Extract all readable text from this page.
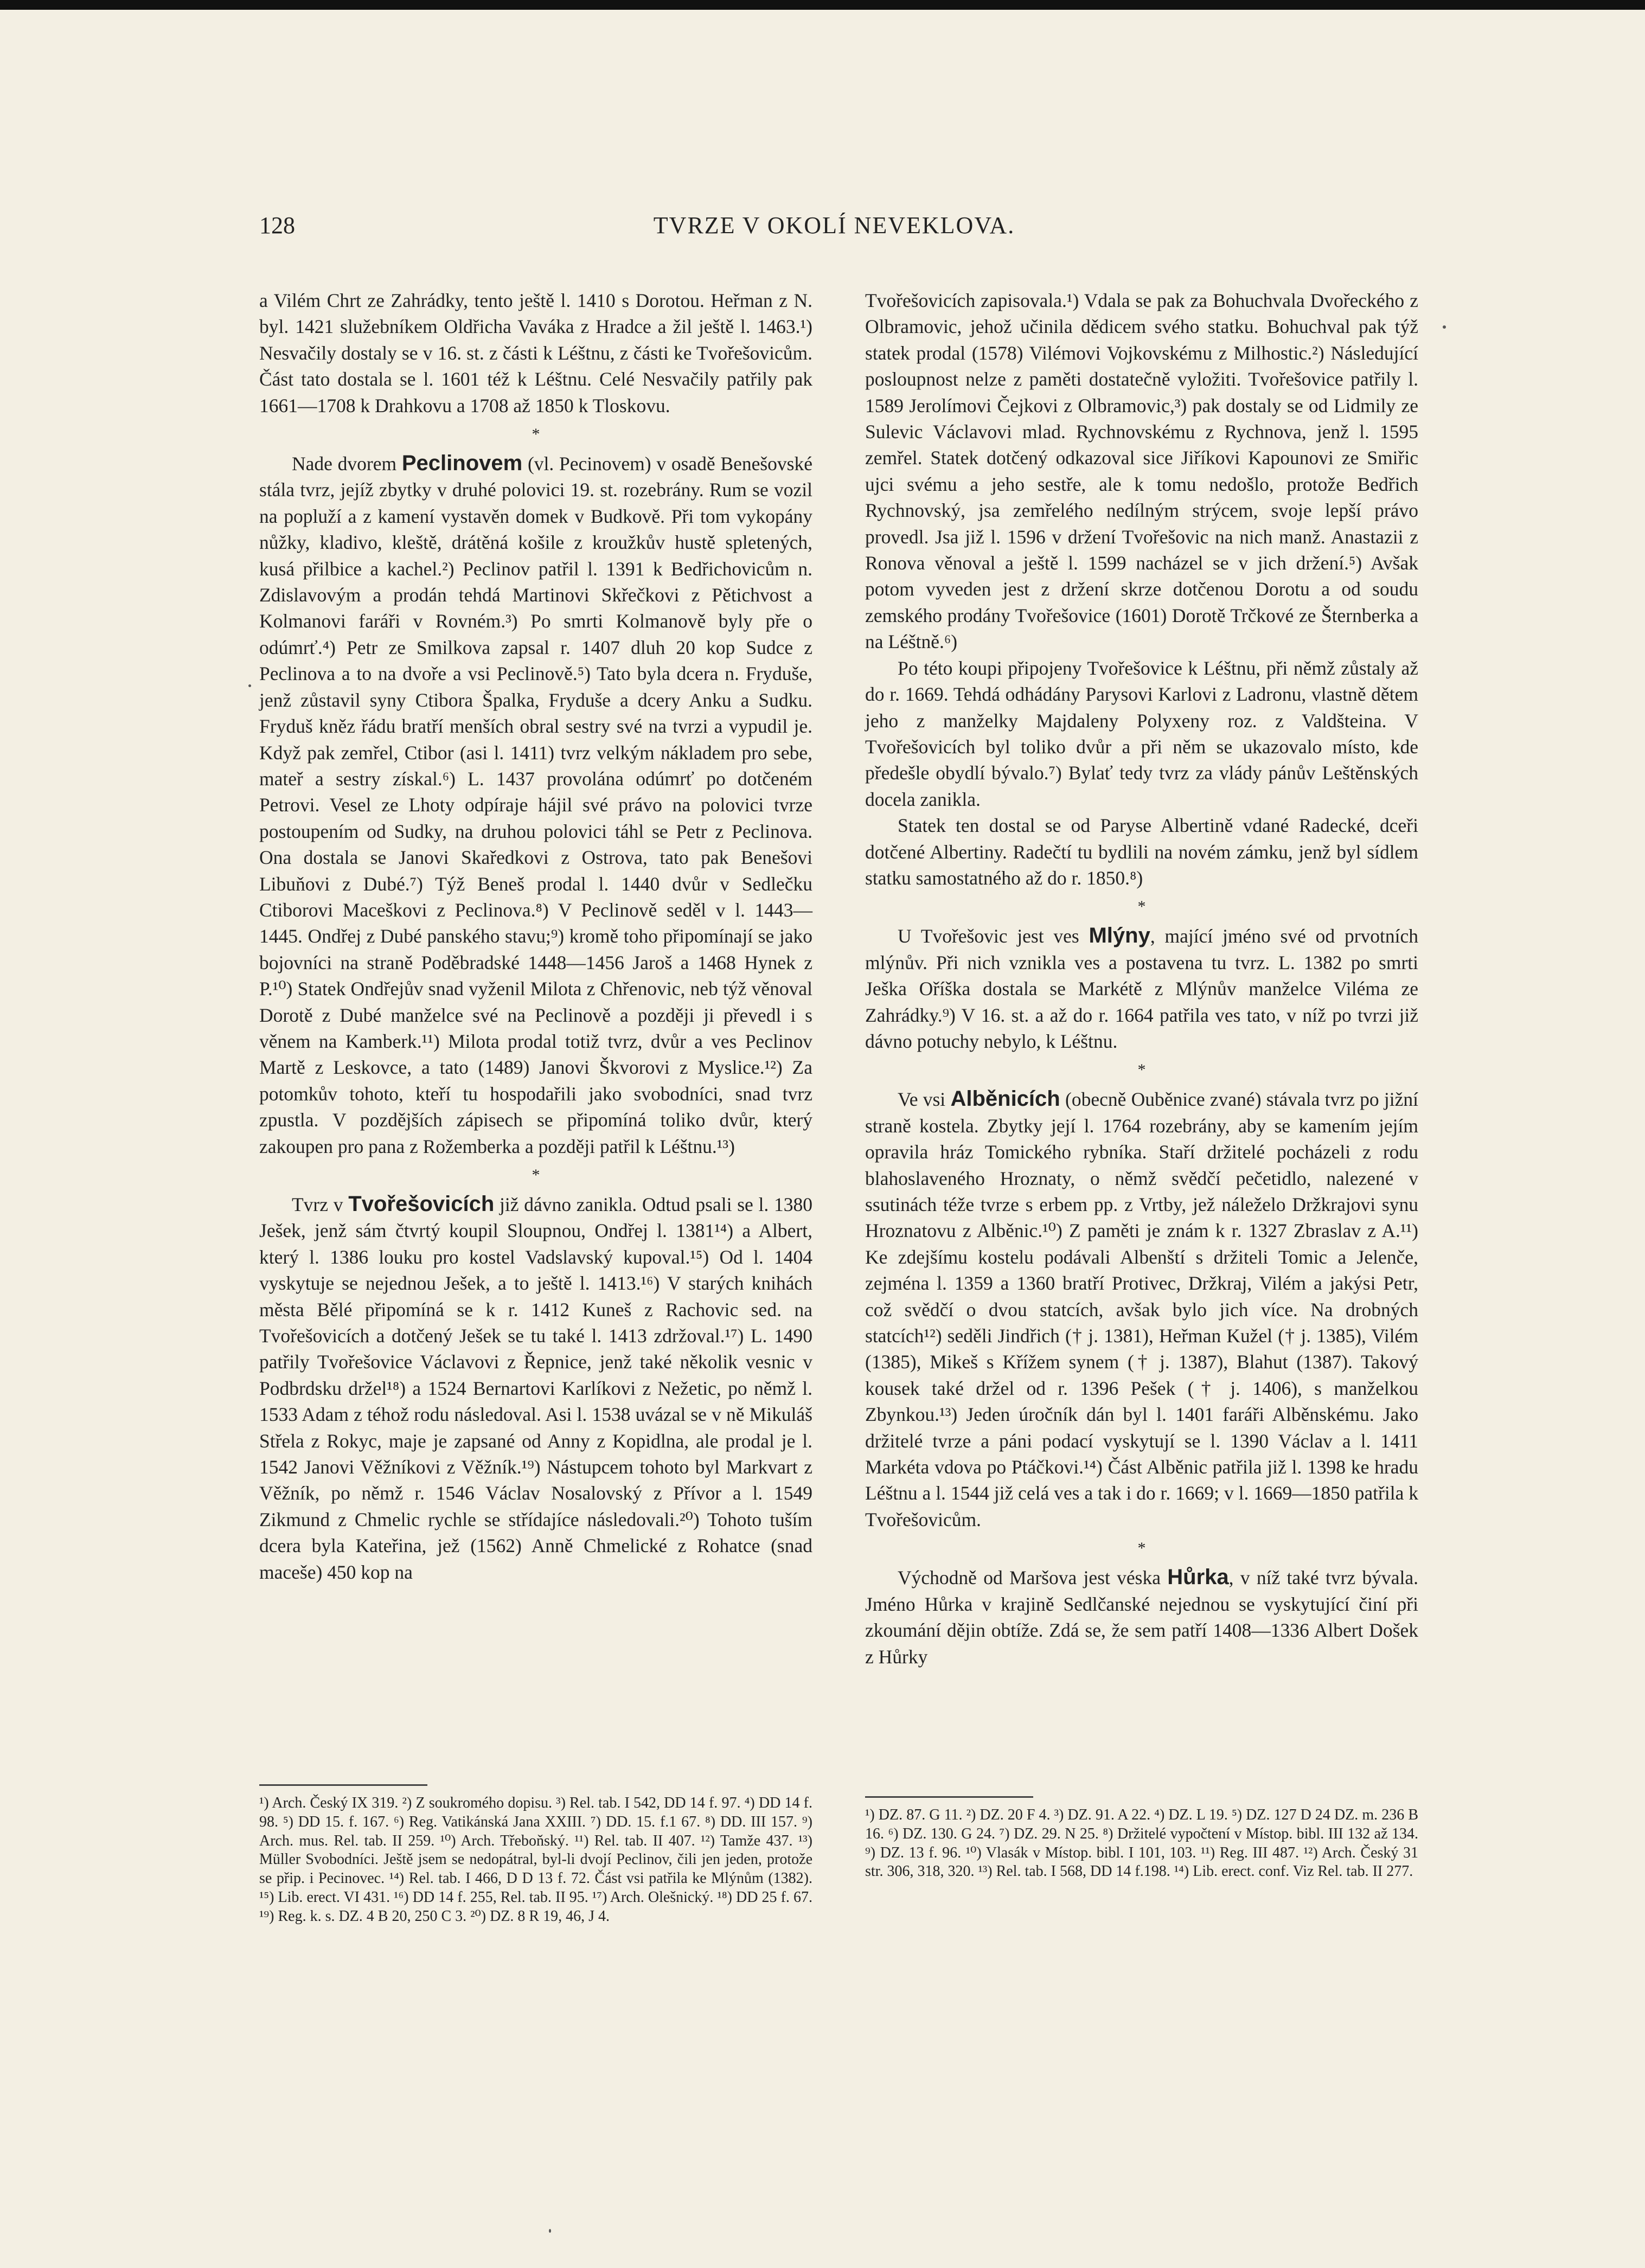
128	TVRZE V OKOLÍ NEVEKLOVA.

a Vilém Chrt ze Zahrádky, tento ještě l. 1410 s Dorotou. Heřman z N. byl. 1421 služebníkem Oldřicha Vaváka z Hradce a žil ještě l. 1463.¹) Nesvačily dostaly se v 16. st. z části k Léštnu, z části ke Tvořešovicům. Část tato dostala se l. 1601 též k Léštnu. Celé Nesvačily patřily pak 1661—1708 k Drahkovu a 1708 až 1850 k Tloskovu.

*

Nade dvorem Peclinovem (vl. Pecinovem) v osadě Benešovské stála tvrz, jejíž zbytky v druhé polovici 19. st. rozebrány. Rum se vozil na popluží a z kamení vystavěn domek v Budkově. Při tom vykopány nůžky, kladivo, kleště, drátěná košile z kroužkův hustě spletených, kusá přilbice a kachel.²) Peclinov patřil l. 1391 k Bedřichovicům n. Zdislavovým a prodán tehdá Martinovi Skřečkovi z Pětichvost a Kolmanovi faráři v Rovném.³) Po smrti Kolmanově byly pře o odúmrť.⁴) Petr ze Smilkova zapsal r. 1407 dluh 20 kop Sudce z Peclinova a to na dvoře a vsi Peclinově.⁵) Tato byla dcera n. Fryduše, jenž zůstavil syny Ctibora Špalka, Fryduše a dcery Anku a Sudku. Fryduš kněz řádu bratří menších obral sestry své na tvrzi a vypudil je. Když pak zemřel, Ctibor (asi l. 1411) tvrz velkým nákladem pro sebe, mateř a sestry získal.⁶) L. 1437 provolána odúmrť po dotčeném Petrovi. Vesel ze Lhoty odpíraje hájil své právo na polovici tvrze postoupením od Sudky, na druhou polovici táhl se Petr z Peclinova. Ona dostala se Janovi Skaředkovi z Ostrova, tato pak Benešovi Libuňovi z Dubé.⁷) Týž Beneš prodal l. 1440 dvůr v Sedlečku Ctiborovi Maceškovi z Peclinova.⁸) V Peclinově seděl v l. 1443—1445. Ondřej z Dubé panského stavu;⁹) kromě toho připomínají se jako bojovníci na straně Poděbradské 1448—1456 Jaroš a 1468 Hynek z P.¹⁰) Statek Ondřejův snad vyženil Milota z Chřenovic, neb týž věnoval Dorotě z Dubé manželce své na Peclinově a později ji převedl i s věnem na Kamberk.¹¹) Milota prodal totiž tvrz, dvůr a ves Peclinov Martě z Leskovce, a tato (1489) Janovi Škvorovi z Myslice.¹²) Za potomkův tohoto, kteří tu hospodařili jako svobodníci, snad tvrz zpustla. V pozdějších zápisech se připomíná toliko dvůr, který zakoupen pro pana z Rožemberka a později patřil k Léštnu.¹³)

*

Tvrz v Tvořešovicích již dávno zanikla. Odtud psali se l. 1380 Ješek, jenž sám čtvrtý koupil Sloupnou, Ondřej l. 1381¹⁴) a Albert, který l. 1386 louku pro kostel Vadslavský kupoval.¹⁵) Od l. 1404 vyskytuje se nejednou Ješek, a to ještě l. 1413.¹⁶) V starých knihách města Bělé připomíná se k r. 1412 Kuneš z Rachovic sed. na Tvořešovicích a dotčený Ješek se tu také l. 1413 zdržoval.¹⁷) L. 1490 patřily Tvořešovice Václavovi z Řepnice, jenž také několik vesnic v Podbrdsku držel¹⁸) a 1524 Bernartovi Karlíkovi z Nežetic, po němž l. 1533 Adam z téhož rodu následoval. Asi l. 1538 uvázal se v ně Mikuláš Střela z Rokyc, maje je zapsané od Anny z Kopidlna, ale prodal je l. 1542 Janovi Věžníkovi z Věžník.¹⁹) Nástupcem tohoto byl Markvart z Věžník, po němž r. 1546 Václav Nosalovský z Přívor a l. 1549 Zikmund z Chmelic rychle se střídajíce následovali.²⁰) Tohoto tuším dcera byla Kateřina, jež (1562) Anně Chmelické z Rohatce (snad maceše) 450 kop na

Tvořešovicích zapisovala.¹) Vdala se pak za Bohuchvala Dvořeckého z Olbramovic, jehož učinila dědicem svého statku. Bohuchval pak týž statek prodal (1578) Vilémovi Vojkovskému z Milhostic.²) Následující posloupnost nelze z paměti dostatečně vyložiti. Tvořešovice patřily l. 1589 Jerolímovi Čejkovi z Olbramovic,³) pak dostaly se od Lidmily ze Sulevic Václavovi mlad. Rychnovskému z Rychnova, jenž l. 1595 zemřel. Statek dotčený odkazoval sice Jiříkovi Kapounovi ze Smiřic ujci svému a jeho sestře, ale k tomu nedošlo, protože Bedřich Rychnovský, jsa zemřelého nedílným strýcem, svoje lepší právo provedl. Jsa již l. 1596 v držení Tvořešovic na nich manž. Anastazii z Ronova věnoval a ještě l. 1599 nacházel se v jich držení.⁵) Avšak potom vyveden jest z držení skrze dotčenou Dorotu a od soudu zemského prodány Tvořešovice (1601) Dorotě Trčkové ze Šternberka a na Léštně.⁶)

Po této koupi připojeny Tvořešovice k Léštnu, při němž zůstaly až do r. 1669. Tehdá odhádány Parysovi Karlovi z Ladronu, vlastně dětem jeho z manželky Majdaleny Polyxeny roz. z Valdšteina. V Tvořešovicích byl toliko dvůr a při něm se ukazovalo místo, kde předešle obydlí bývalo.⁷) Bylať tedy tvrz za vlády pánův Leštěnských docela zanikla.

Statek ten dostal se od Paryse Albertině vdané Radecké, dceři dotčené Albertiny. Radečtí tu bydlili na novém zámku, jenž byl sídlem statku samostatného až do r. 1850.⁸)

*

U Tvořešovic jest ves Mlýny, mající jméno své od prvotních mlýnův. Při nich vznikla ves a postavena tu tvrz. L. 1382 po smrti Ješka Oříška dostala se Markétě z Mlýnův manželce Viléma ze Zahrádky.⁹) V 16. st. a až do r. 1664 patřila ves tato, v níž po tvrzi již dávno potuchy nebylo, k Léštnu.

*

Ve vsi Alběnicích (obecně Ouběnice zvané) stávala tvrz po jižní straně kostela. Zbytky její l. 1764 rozebrány, aby se kamením jejím opravila hráz Tomického rybníka. Staří držitelé pocházeli z rodu blahoslaveného Hroznaty, o němž svědčí pečetidlo, nalezené v ssutinách téže tvrze s erbem pp. z Vrtby, jež náleželo Držkrajovi synu Hroznatovu z Alběnic.¹⁰) Z paměti je znám k r. 1327 Zbraslav z A.¹¹) Ke zdejšímu kostelu podávali Albenští s držiteli Tomic a Jelenče, zejména l. 1359 a 1360 bratří Protivec, Držkraj, Vilém a jakýsi Petr, což svědčí o dvou statcích, avšak bylo jich více. Na drobných statcích¹²) seděli Jindřich († j. 1381), Heřman Kužel († j. 1385), Vilém (1385), Mikeš s Křížem synem († j. 1387), Blahut (1387). Takový kousek také držel od r. 1396 Pešek († j. 1406), s manželkou Zbynkou.¹³) Jeden úročník dán byl l. 1401 faráři Alběnskému. Jako držitelé tvrze a páni podací vyskytují se l. 1390 Václav a l. 1411 Markéta vdova po Ptáčkovi.¹⁴) Část Alběnic patřila již l. 1398 ke hradu Léštnu a l. 1544 již celá ves a tak i do r. 1669; v l. 1669—1850 patřila k Tvořešovicům.

*

Východně od Maršova jest véska Hůrka, v níž také tvrz bývala. Jméno Hůrka v krajině Sedlčanské nejednou se vyskytující činí při zkoumání dějin obtíže. Zdá se, že sem patří 1408—1336 Albert Došek z Hůrky

¹) Arch. Český IX 319. ²) Z soukromého dopisu. ³) Rel. tab. I 542, DD 14 f. 97. ⁴) DD 14 f. 98. ⁵) DD 15. f. 167. ⁶) Reg. Vatikánská Jana XXIII. ⁷) DD. 15. f.1 67. ⁸) DD. III 157. ⁹) Arch. mus. Rel. tab. II 259. ¹⁰) Arch. Třeboňský. ¹¹) Rel. tab. II 407. ¹²) Tamže 437. ¹³) Müller Svobodníci. Ještě jsem se nedopátral, byl-li dvojí Peclinov, čili jen jeden, protože se přip. i Pecinovec. ¹⁴) Rel. tab. I 466, D D 13 f. 72. Část vsi patřila ke Mlýnům (1382). ¹⁵) Lib. erect. VI 431. ¹⁶) DD 14 f. 255, Rel. tab. II 95. ¹⁷) Arch. Olešnický. ¹⁸) DD 25 f. 67. ¹⁹) Reg. k. s. DZ. 4 B 20, 250 C 3. ²⁰) DZ. 8 R 19, 46, J 4.
¹) DZ. 87. G 11. ²) DZ. 20 F 4. ³) DZ. 91. A 22. ⁴) DZ. L 19. ⁵) DZ. 127 D 24 DZ. m. 236 B 16. ⁶) DZ. 130. G 24. ⁷) DZ. 29. N 25. ⁸) Držitelé vypočtení v Místop. bibl. III 132 až 134. ⁹) DZ. 13 f. 96. ¹⁰) Vlasák v Místop. bibl. I 101, 103. ¹¹) Reg. III 487. ¹²) Arch. Český 31 str. 306, 318, 320. ¹³) Rel. tab. I 568, DD 14 f.198. ¹⁴) Lib. erect. conf. Viz Rel. tab. II 277.
